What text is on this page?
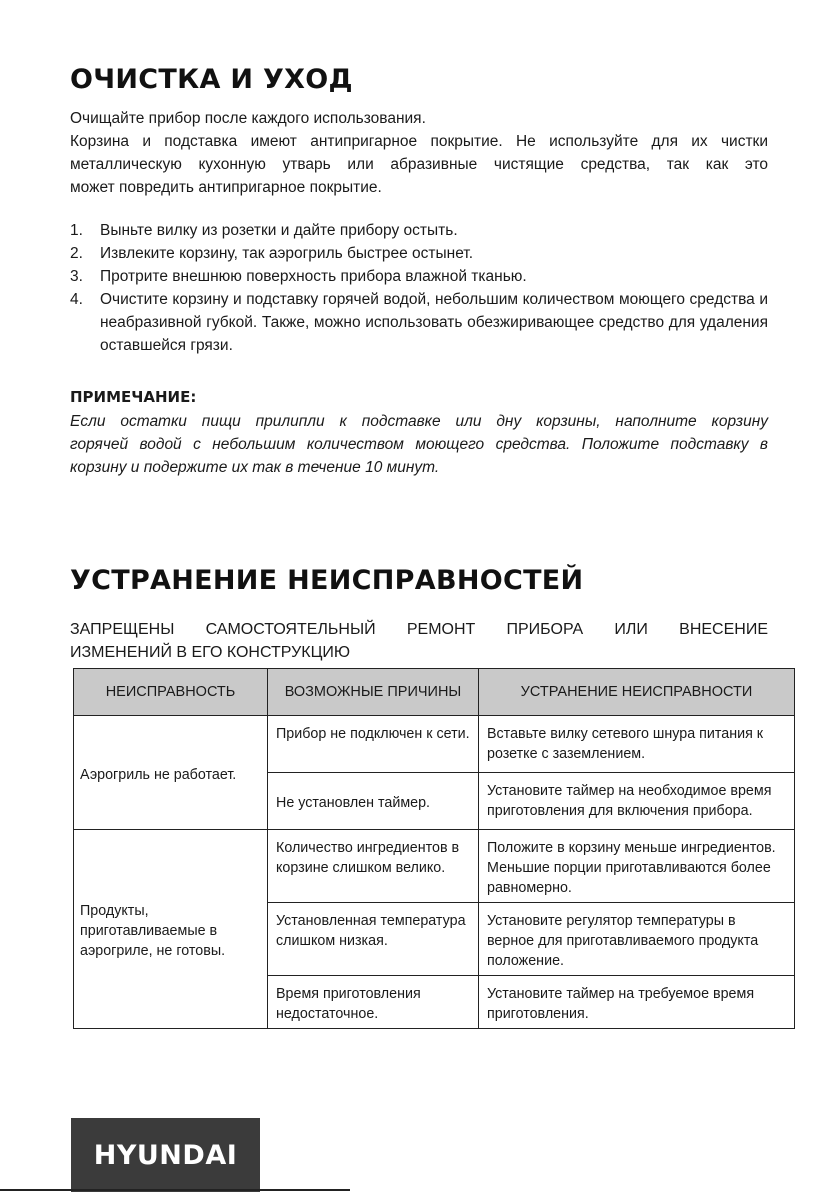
ОЧИСТКА И УХОД

Очищайте прибор после каждого использования.
Корзина и подставка имеют антипригарное покрытие. Не используйте для их чистки
металлическую кухонную утварь или абразивные чистящие средства, так как это
может повредить антипригарное покрытие.

1.	Выньте вилку из розетки и дайте прибору остыть.
2.	Извлеките корзину, так аэрогриль быстрее остынет.
3.	Протрите внешнюю поверхность прибора влажной тканью.
4.	Очистите корзину и подставку горячей водой, небольшим количеством моющего средства и неабразивной губкой. Также, можно использовать обезжиривающее средство для удаления оставшейся грязи.

ПРИМЕЧАНИЕ:

Если остатки пищи прилипли к подставке или дну корзины, наполните корзину
горячей водой с небольшим количеством моющего средства. Положите подставку в
корзину и подержите их так в течение 10 минут.

УСТРАНЕНИЕ НЕИСПРАВНОСТЕЙ

ЗАПРЕЩЕНЫ САМОСТОЯТЕЛЬНЫЙ РЕМОНТ ПРИБОРА ИЛИ ВНЕСЕНИЕ
ИЗМЕНЕНИЙ В ЕГО КОНСТРУКЦИЮ

НЕИСПРАВНОСТЬ	ВОЗМОЖНЫЕ ПРИЧИНЫ	УСТРАНЕНИЕ НЕИСПРАВНОСТИ
Аэрогриль не работает.	Прибор не подключен к сети.	Вставьте вилку сетевого шнура питания к розетке с заземлением.
	Не установлен таймер.	Установите таймер на необходимое время приготовления для включения прибора.
Продукты, приготавливаемые в аэрогриле, не готовы.	Количество ингредиентов в корзине слишком велико.	Положите в корзину меньше ингредиентов. Меньшие порции приготавливаются более равномерно.
	Установленная температура слишком низкая.	Установите регулятор температуры в верное для приготавливаемого продукта положение.
	Время приготовления недостаточное.	Установите таймер на требуемое время приготовления.
HYUNDAI
